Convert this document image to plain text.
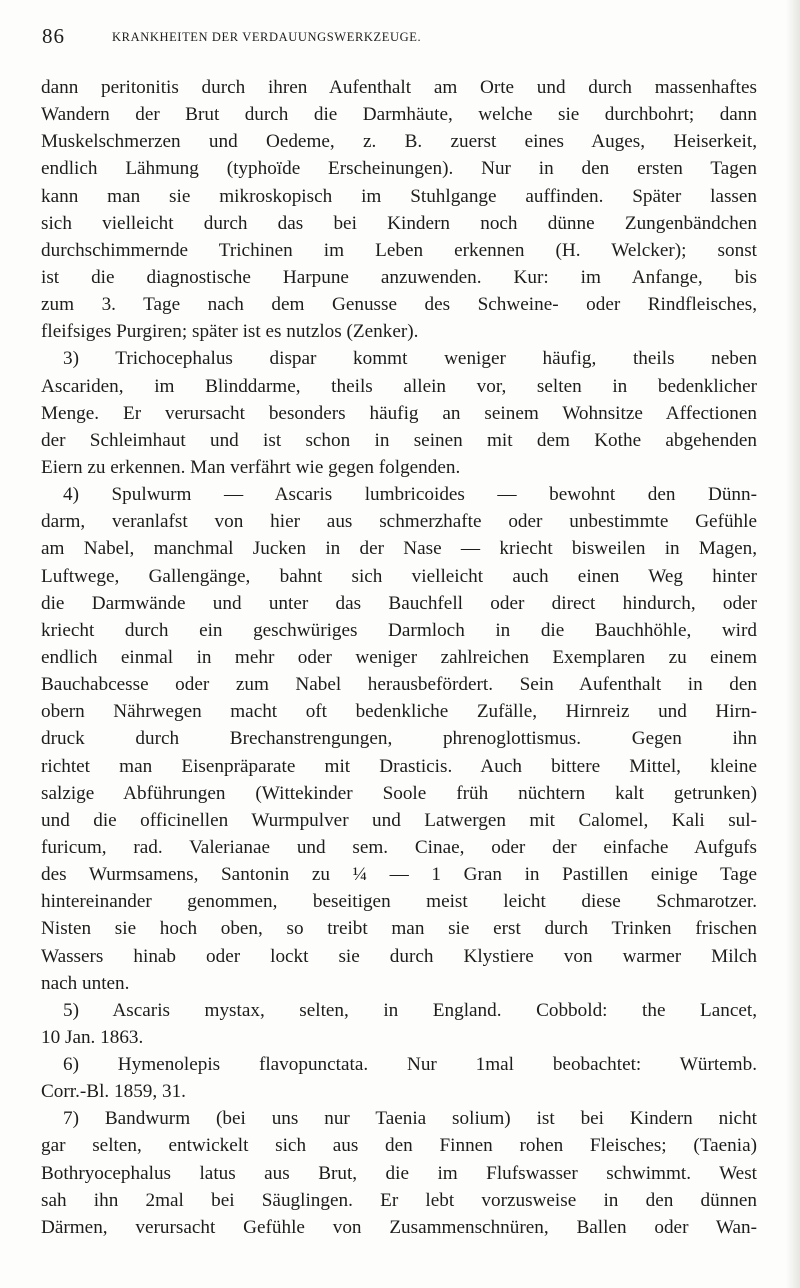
86	KRANKHEITEN DER VERDAUUNGSWERKZEUGE.
dann peritonitis durch ihren Aufenthalt am Orte und durch massenhaftes
Wandern der Brut durch die Darmhäute, welche sie durchbohrt; dann
Muskelschmerzen und Oedeme, z. B. zuerst eines Auges, Heiserkeit,
endlich Lähmung (typhoïde Erscheinungen). Nur in den ersten Tagen
kann man sie mikroskopisch im Stuhlgange auffinden. Später lassen
sich vielleicht durch das bei Kindern noch dünne Zungenbändchen
durchschimmernde Trichinen im Leben erkennen (H. Welcker); sonst
ist die diagnostische Harpune anzuwenden. Kur: im Anfange, bis
zum 3. Tage nach dem Genusse des Schweine- oder Rindfleisches,
fleifsiges Purgiren; später ist es nutzlos (Zenker).
3) Trichocephalus dispar kommt weniger häufig, theils neben
Ascariden, im Blinddarme, theils allein vor, selten in bedenklicher
Menge. Er verursacht besonders häufig an seinem Wohnsitze Affectionen
der Schleimhaut und ist schon in seinen mit dem Kothe abgehenden
Eiern zu erkennen. Man verfährt wie gegen folgenden.
4) Spulwurm — Ascaris lumbricoides — bewohnt den Dünn-
darm, veranlafst von hier aus schmerzhafte oder unbestimmte Gefühle
am Nabel, manchmal Jucken in der Nase — kriecht bisweilen in Magen,
Luftwege, Gallengänge, bahnt sich vielleicht auch einen Weg hinter
die Darmwände und unter das Bauchfell oder direct hindurch, oder
kriecht durch ein geschwüriges Darmloch in die Bauchhöhle, wird
endlich einmal in mehr oder weniger zahlreichen Exemplaren zu einem
Bauchabcesse oder zum Nabel herausbefördert. Sein Aufenthalt in den
obern Nährwegen macht oft bedenkliche Zufälle, Hirnreiz und Hirn-
druck durch Brechanstrengungen, phrenoglottismus. Gegen ihn
richtet man Eisenpräparate mit Drasticis. Auch bittere Mittel, kleine
salzige Abführungen (Wittekinder Soole früh nüchtern kalt getrunken)
und die officinellen Wurmpulver und Latwergen mit Calomel, Kali sul-
furicum, rad. Valerianae und sem. Cinae, oder der einfache Aufgufs
des Wurmsamens, Santonin zu ¼ — 1 Gran in Pastillen einige Tage
hintereinander genommen, beseitigen meist leicht diese Schmarotzer.
Nisten sie hoch oben, so treibt man sie erst durch Trinken frischen
Wassers hinab oder lockt sie durch Klystiere von warmer Milch
nach unten.
5) Ascaris mystax, selten, in England. Cobbold: the Lancet,
10 Jan. 1863.
6) Hymenolepis flavopunctata. Nur 1mal beobachtet: Würtemb.
Corr.-Bl. 1859, 31.
7) Bandwurm (bei uns nur Taenia solium) ist bei Kindern nicht
gar selten, entwickelt sich aus den Finnen rohen Fleisches; (Taenia)
Bothryocephalus latus aus Brut, die im Flufswasser schwimmt. West
sah ihn 2mal bei Säuglingen. Er lebt vorzusweise in den dünnen
Därmen, verursacht Gefühle von Zusammenschnüren, Ballen oder Wan-
